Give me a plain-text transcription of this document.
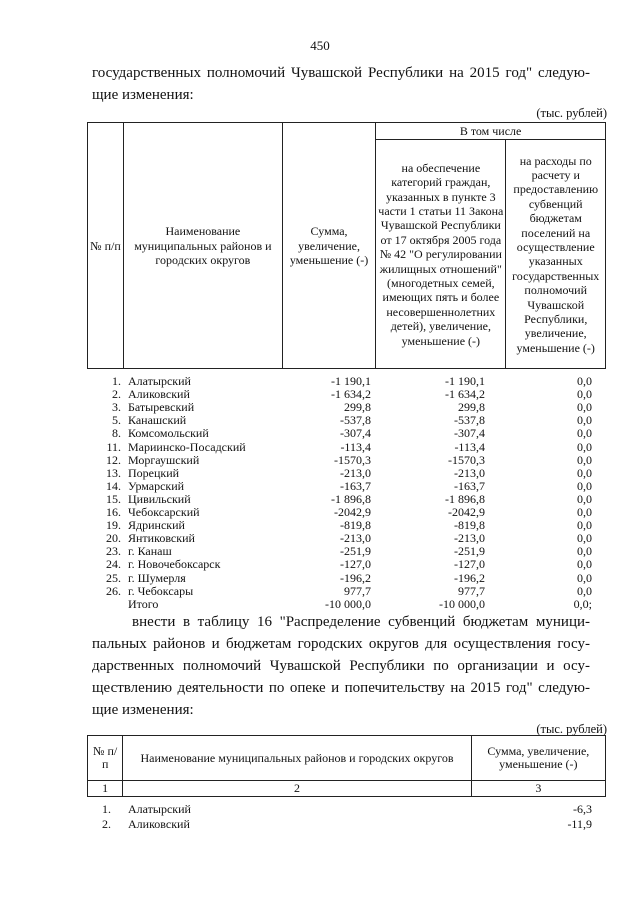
450
государственных полномочий Чувашской Республики на 2015 год" следую-
щие изменения:
(тыс. рублей)
№ п/п	Наименование муниципальных районов и городских округов	Сумма, увеличение, уменьшение (-)	В том числе	
			на обеспечение категорий граждан, указанных в пункте 3 части 1 статьи 11 Закона Чувашской Республики от 17 октября 2005 года № 42 "О регулировании жилищных отношений" (многодетных семей, имеющих пять и более несовершеннолетних детей), увеличение, уменьшение (-)	на расходы по расчету и предоставлению субвенций бюджетам поселений на осуществление указанных государственных полномочий Чувашской Республики, увеличение, уменьшение (-)
1. Алатырский	-1 190,1	-1 190,1	0,0
2. Аликовский	-1 634,2	-1 634,2	0,0
3. Батыревский	299,8	299,8	0,0
5. Канашский	-537,8	-537,8	0,0
8. Комсомольский	-307,4	-307,4	0,0
11. Мариинско-Посадский	-113,4	-113,4	0,0
12. Моргаушский	-1570,3	-1570,3	0,0
13. Порецкий	-213,0	-213,0	0,0
14. Урмарский	-163,7	-163,7	0,0
15. Цивильский	-1 896,8	-1 896,8	0,0
16. Чебоксарский	-2042,9	-2042,9	0,0
19. Ядринский	-819,8	-819,8	0,0
20. Янтиковский	-213,0	-213,0	0,0
23. г. Канаш	-251,9	-251,9	0,0
24. г. Новочебоксарск	-127,0	-127,0	0,0
25. г. Шумерля	-196,2	-196,2	0,0
26. г. Чебоксары	977,7	977,7	0,0
Итого	-10 000,0	-10 000,0	0,0;
внести в таблицу 16 "Распределение субвенций бюджетам муници-
пальных районов и бюджетам городских округов для осуществления госу-
дарственных полномочий Чувашской Республики по организации и осу-
ществлению деятельности по опеке и попечительству на 2015 год" следую-
щие изменения:
(тыс. рублей)
№ п/п	Наименование муниципальных районов и городских округов	Сумма, увеличение, уменьшение (-)
1	2	3
1. Алатырский	-6,3
2. Аликовский	-11,9
